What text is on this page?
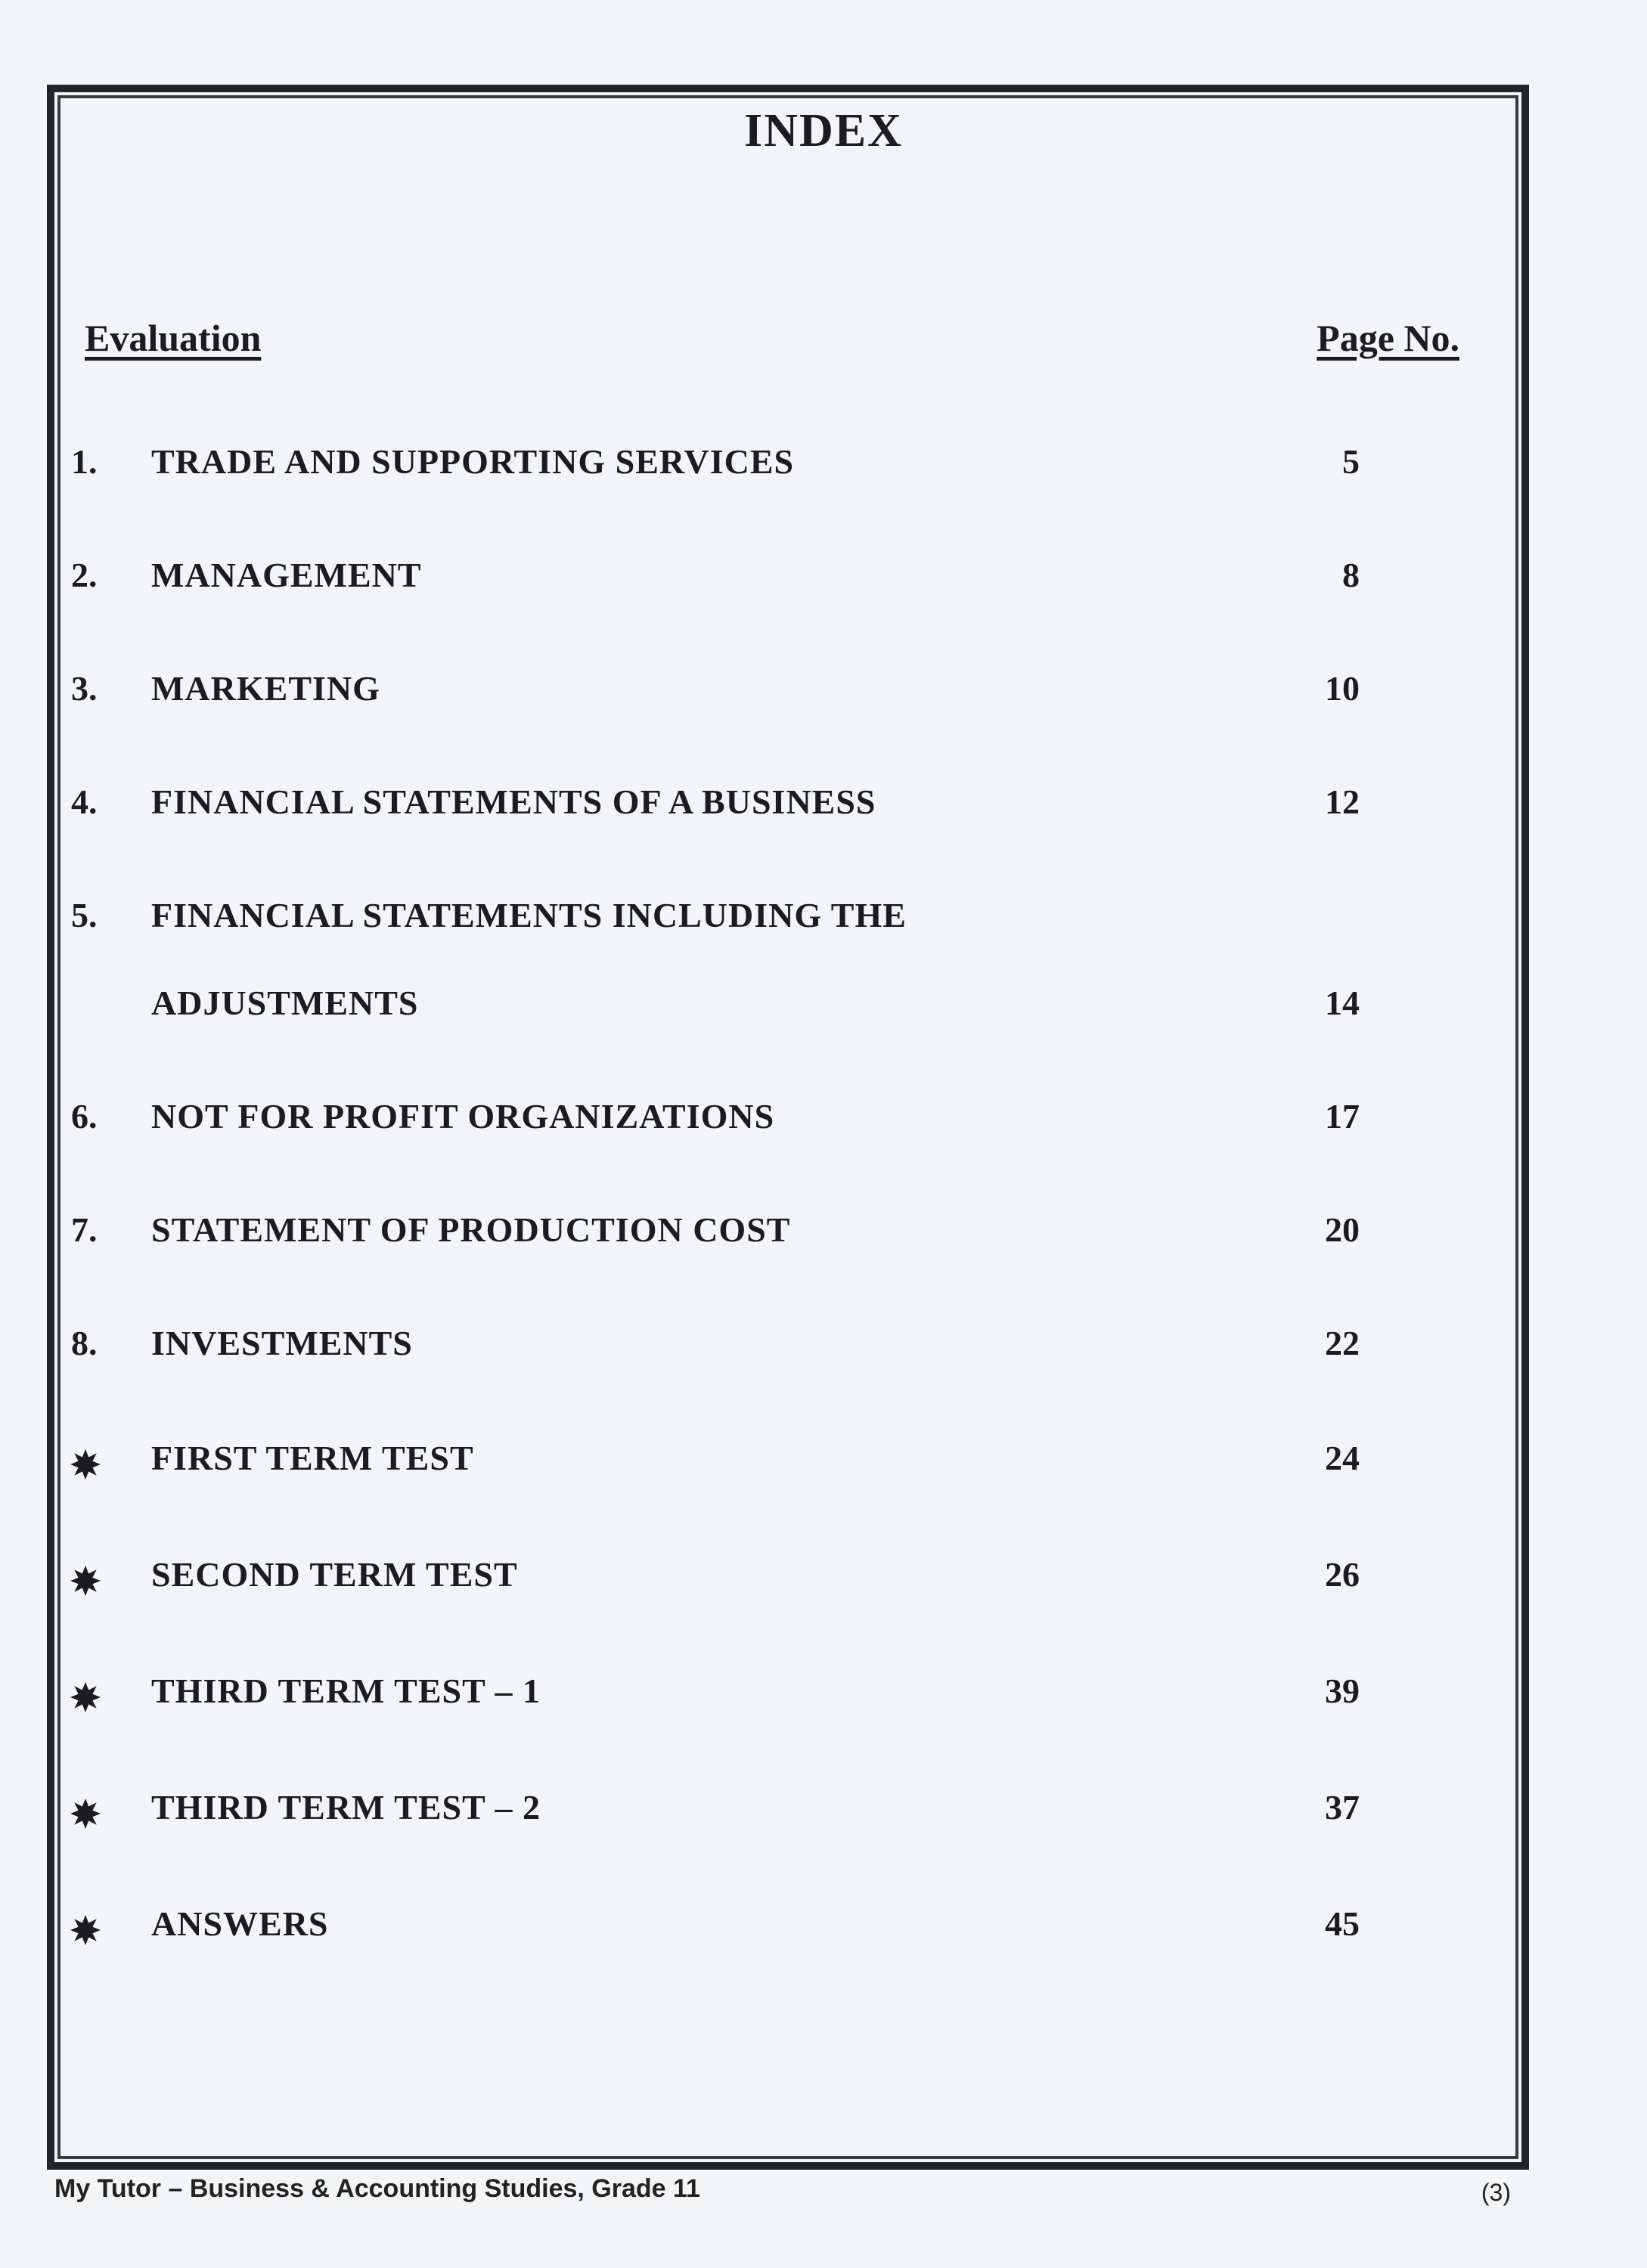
INDEX
Evaluation	Page No.
1. TRADE AND SUPPORTING SERVICES	5
2. MANAGEMENT	8
3. MARKETING	10
4. FINANCIAL STATEMENTS OF A BUSINESS	12
5. FINANCIAL STATEMENTS INCLUDING THE
ADJUSTMENTS	14
6. NOT FOR PROFIT ORGANIZATIONS	17
7. STATEMENT OF PRODUCTION COST	20
8. INVESTMENTS	22
FIRST TERM TEST	24
SECOND TERM TEST	26
THIRD TERM TEST – 1	39
THIRD TERM TEST – 2	37
ANSWERS	45
My Tutor – Business & Accounting Studies, Grade 11	(3)
